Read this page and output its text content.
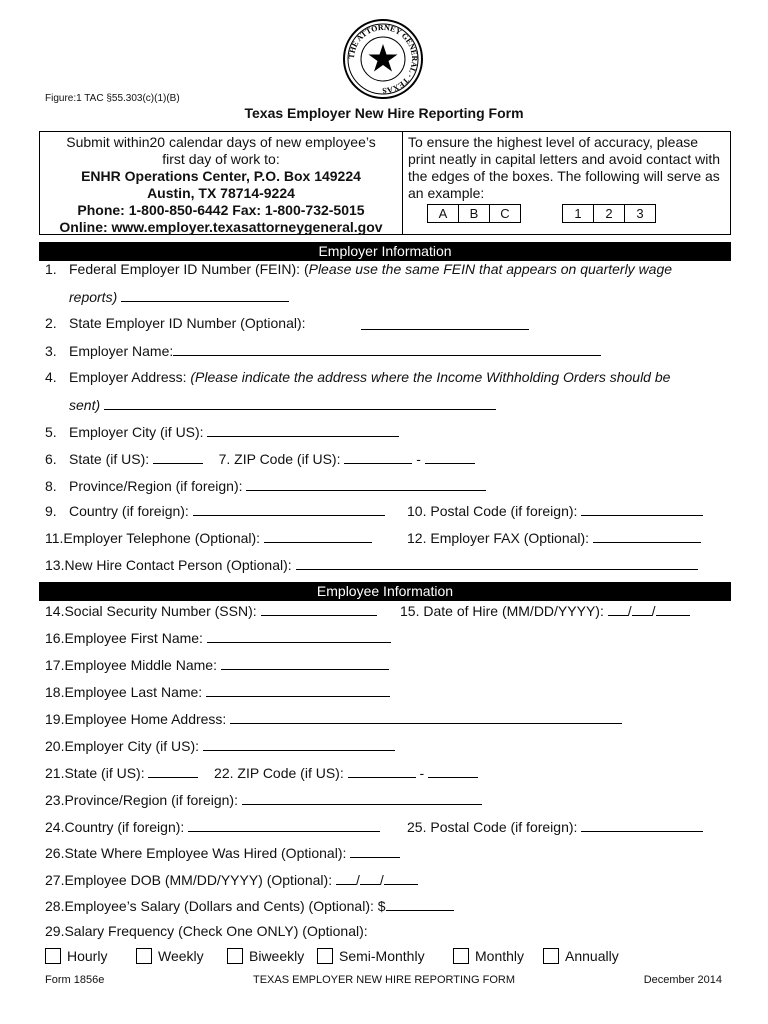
THE ATTORNEY GENERAL · TEXAS
Figure:1 TAC §55.303(c)(1)(B)
Texas Employer New Hire Reporting Form
Submit within20 calendar days of new employee’s
first day of work to:
ENHR Operations Center, P.O. Box 149224
Austin, TX 78714-9224
Phone: 1-800-850-6442 Fax: 1-800-732-5015
Online: www.employer.texasattorneygeneral.gov
To ensure the highest level of accuracy, please print neatly in capital letters and avoid contact with the edges of the boxes. The following will serve as an example:
A	B	C	1	2	3
Employer Information
1. Federal Employer ID Number (FEIN): (Please use the same FEIN that appears on quarterly wage
reports)
2. State Employer ID Number (Optional):
3. Employer Name:
4. Employer Address: (Please indicate the address where the Income Withholding Orders should be
sent)
5. Employer City (if US):
6. State (if US):	7. ZIP Code (if US):	-
8. Province/Region (if foreign):
9. Country (if foreign):	10. Postal Code (if foreign):
11.Employer Telephone (Optional):	12. Employer FAX (Optional):
13.New Hire Contact Person (Optional):
Employee Information
14.Social Security Number (SSN):	15. Date of Hire (MM/DD/YYYY): / /
16.Employee First Name:
17.Employee Middle Name:
18.Employee Last Name:
19.Employee Home Address:
20.Employer City (if US):
21.State (if US):	22. ZIP Code (if US):	-
23.Province/Region (if foreign):
24.Country (if foreign):	25. Postal Code (if foreign):
26.State Where Employee Was Hired (Optional):
27.Employee DOB (MM/DD/YYYY) (Optional): / /
28.Employee’s Salary (Dollars and Cents) (Optional): $
29.Salary Frequency (Check One ONLY) (Optional):
Hourly	Weekly	Biweekly Semi-Monthly	Monthly	Annually
Form 1856e	TEXAS EMPLOYER NEW HIRE REPORTING FORM	December 2014
